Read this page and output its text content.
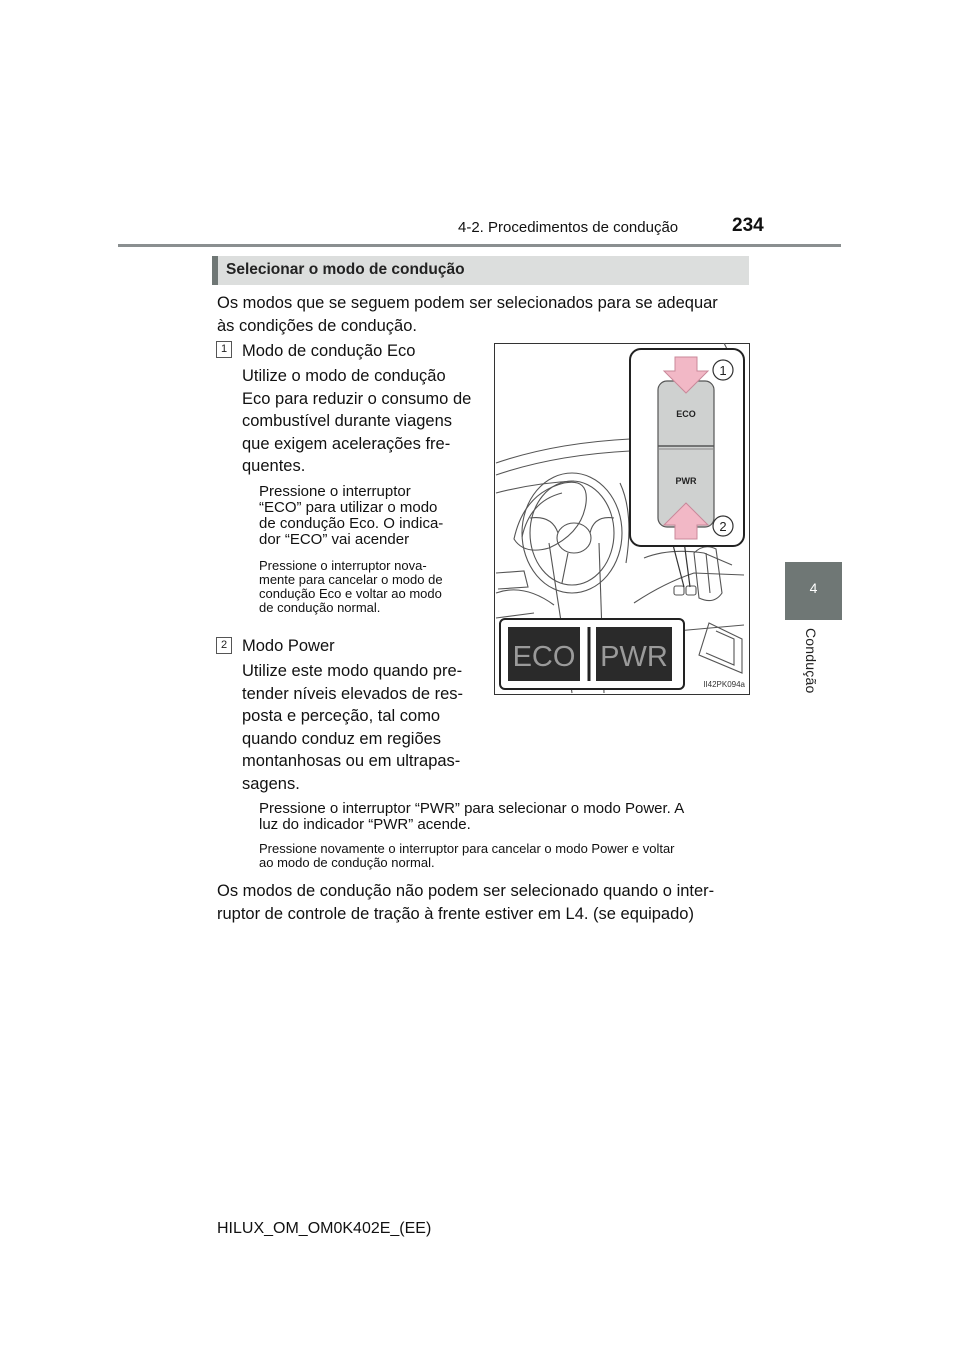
4-2. Procedimentos de condução	234
4
Condução
Selecionar o modo de condução
Os modos que se seguem podem ser selecionados para se adequar
às condições de condução.
1 Modo de condução Eco
Utilize o modo de condução
Eco para reduzir o consumo de
combustível durante viagens
que exigem acelerações fre-
quentes.
Pressione o interruptor
“ECO” para utilizar o modo
de condução Eco. O indica-
dor “ECO” vai acender
Pressione o interruptor nova-
mente para cancelar o modo de
condução Eco e voltar ao modo
de condução normal.
2 Modo Power
Utilize este modo quando pre-
tender níveis elevados de res-
posta e perceção, tal como
quando conduz em regiões
montanhosas ou em ultrapas-
sagens.
Pressione o interruptor “PWR” para selecionar o modo Power. A
luz do indicador “PWR” acende.
Pressione novamente o interruptor para cancelar o modo Power e voltar
ao modo de condução normal.
Os modos de condução não podem ser selecionado quando o inter-
ruptor de controle de tração à frente estiver em L4. (se equipado)
ECO
PWR
1
2
ECO PWR
II42PK094a
HILUX_OM_OM0K402E_(EE)
